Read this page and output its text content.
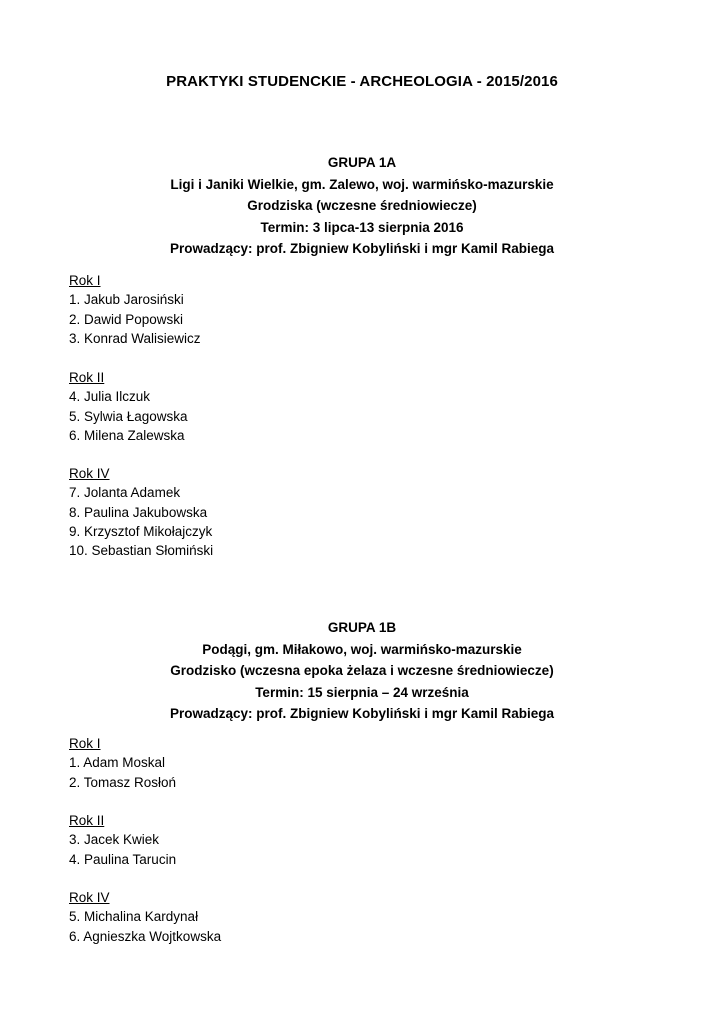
PRAKTYKI STUDENCKIE - ARCHEOLOGIA - 2015/2016
GRUPA 1A
Ligi i Janiki Wielkie, gm. Zalewo, woj. warmińsko-mazurskie
Grodziska (wczesne średniowiecze)
Termin: 3 lipca-13 sierpnia 2016
Prowadzący: prof. Zbigniew Kobyliński i mgr Kamil Rabiega
Rok I
1. Jakub Jarosiński
2. Dawid Popowski
3. Konrad Walisiewicz
Rok II
4. Julia Ilczuk
5. Sylwia Łagowska
6. Milena Zalewska
Rok IV
7. Jolanta Adamek
8. Paulina Jakubowska
9. Krzysztof Mikołajczyk
10. Sebastian Słomiński
GRUPA 1B
Podągi, gm. Miłakowo, woj. warmińsko-mazurskie
Grodzisko (wczesna epoka żelaza i wczesne średniowiecze)
Termin: 15 sierpnia – 24 września
Prowadzący: prof. Zbigniew Kobyliński i mgr Kamil Rabiega
Rok I
1. Adam Moskal
2. Tomasz Rosłoń
Rok II
3. Jacek Kwiek
4. Paulina Tarucin
Rok IV
5. Michalina Kardynał
6. Agnieszka Wojtkowska
